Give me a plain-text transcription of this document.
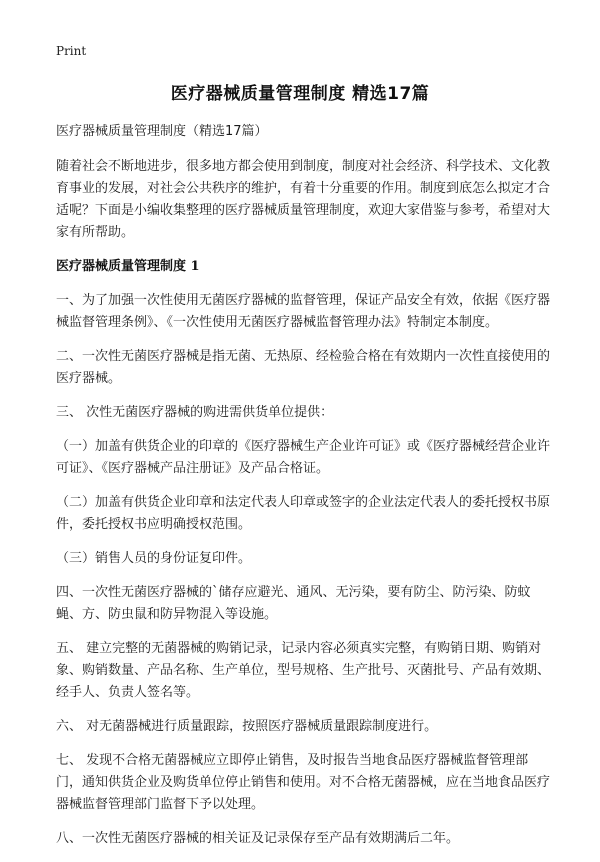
Print
医疗器械质量管理制度 精选17篇

医疗器械质量管理制度（精选17篇）

随着社会不断地进步，很多地方都会使用到制度，制度对社会经济、科学技术、文化教育事业的发展，对社会公共秩序的维护，有着十分重要的作用。制度到底怎么拟定才合适呢？下面是小编收集整理的医疗器械质量管理制度，欢迎大家借鉴与参考，希望对大家有所帮助。

医疗器械质量管理制度 1

一、为了加强一次性使用无菌医疗器械的监督管理，保证产品安全有效，依据《医疗器械监督管理条例》、《一次性使用无菌医疗器械监督管理办法》特制定本制度。

二、一次性无菌医疗器械是指无菌、无热原、经检验合格在有效期内一次性直接使用的医疗器械。

三、 次性无菌医疗器械的购进需供货单位提供：

（一）加盖有供货企业的印章的《医疗器械生产企业许可证》或《医疗器械经营企业许可证》、《医疗器械产品注册证》及产品合格证。

（二）加盖有供货企业印章和法定代表人印章或签字的企业法定代表人的委托授权书原件，委托授权书应明确授权范围。

（三）销售人员的身份证复印件。

四、一次性无菌医疗器械的`储存应避光、通风、无污染，要有防尘、防污染、防蚊蝇、方、防虫鼠和防异物混入等设施。

五、 建立完整的无菌器械的购销记录，记录内容必须真实完整，有购销日期、购销对象、购销数量、产品名称、生产单位，型号规格、生产批号、灭菌批号、产品有效期、经手人、负责人签名等。

六、 对无菌器械进行质量跟踪，按照医疗器械质量跟踪制度进行。

七、 发现不合格无菌器械应立即停止销售，及时报告当地食品医疗器械监督管理部门，通知供货企业及购货单位停止销售和使用。对不合格无菌器械，应在当地食品医疗器械监督管理部门监督下予以处理。

八、一次性无菌医疗器械的相关证及记录保存至产品有效期满后二年。
